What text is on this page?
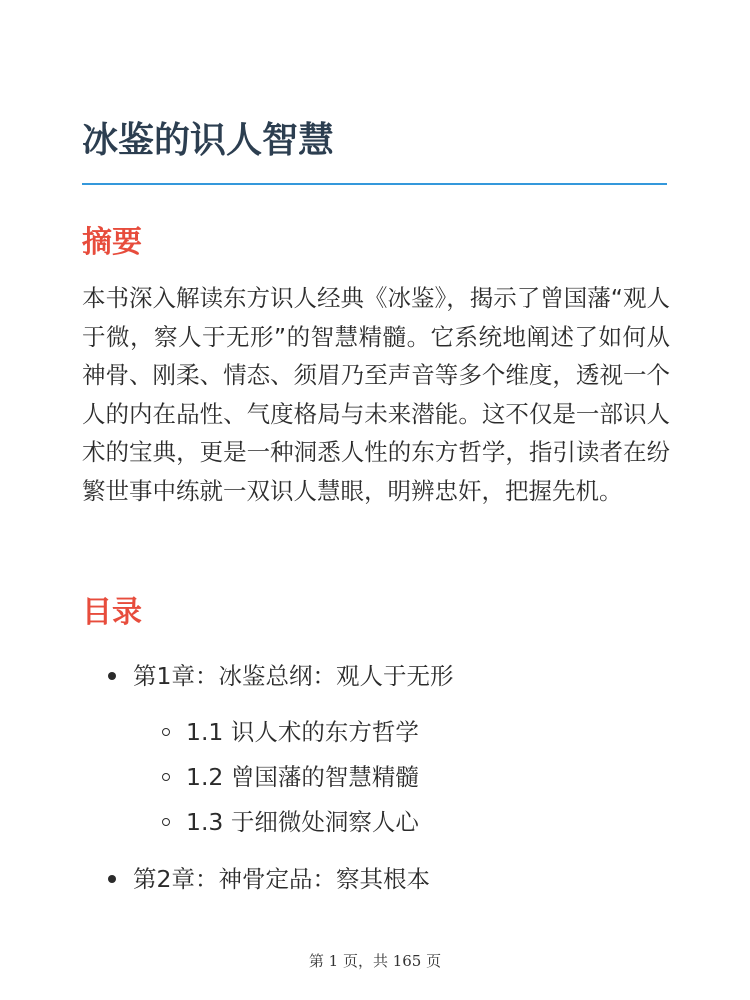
冰鉴的识人智慧
摘要

本书深入解读东方识人经典《冰鉴》，揭示了曾国藩“观人于微，察人于无形”的智慧精髓。它系统地阐述了如何从神骨、刚柔、情态、须眉乃至声音等多个维度，透视一个人的内在品性、气度格局与未来潜能。这不仅是一部识人术的宝典，更是一种洞悉人性的东方哲学，指引读者在纷繁世事中练就一双识人慧眼，明辨忠奸，把握先机。

目录
第1章：冰鉴总纲：观人于无形
1.1 识人术的东方哲学
1.2 曾国藩的智慧精髓
1.3 于细微处洞察人心
第2章：神骨定品：察其根本
第 1 页，共 165 页
